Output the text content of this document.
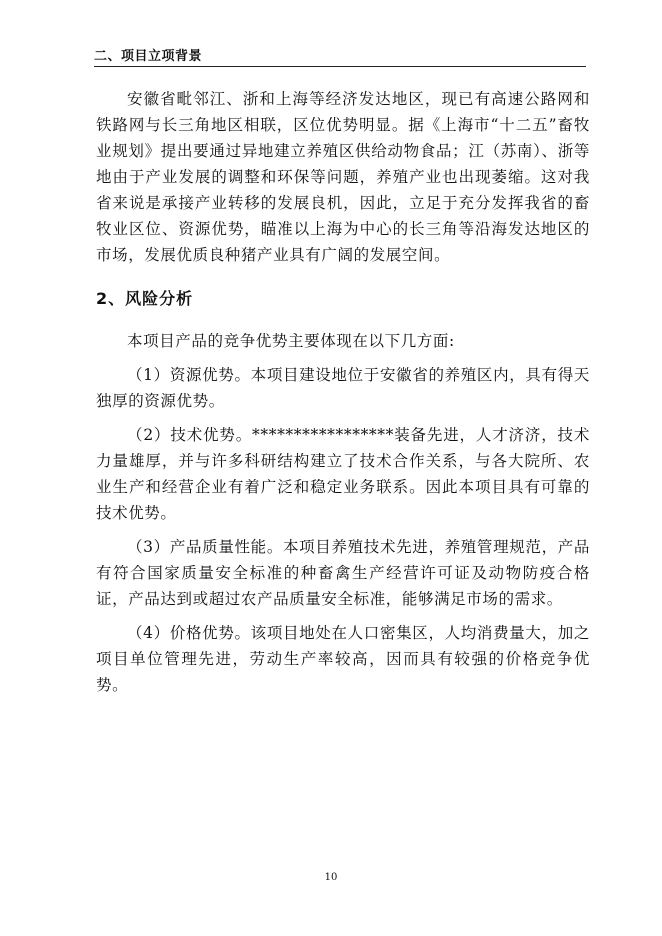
二、项目立项背景

安徽省毗邻江、浙和上海等经济发达地区，现已有高速公路网和铁路网与长三角地区相联，区位优势明显。据《上海市“十二五”畜牧业规划》提出要通过异地建立养殖区供给动物食品；江（苏南）、浙等地由于产业发展的调整和环保等问题，养殖产业也出现萎缩。这对我省来说是承接产业转移的发展良机，因此，立足于充分发挥我省的畜牧业区位、资源优势，瞄准以上海为中心的长三角等沿海发达地区的市场，发展优质良种猪产业具有广阔的发展空间。

2、风险分析

本项目产品的竞争优势主要体现在以下几方面:

（1）资源优势。本项目建设地位于安徽省的养殖区内，具有得天独厚的资源优势。

（2）技术优势。*****************装备先进，人才济济，技术力量雄厚，并与许多科研结构建立了技术合作关系，与各大院所、农业生产和经营企业有着广泛和稳定业务联系。因此本项目具有可靠的技术优势。

（3）产品质量性能。本项目养殖技术先进，养殖管理规范，产品有符合国家质量安全标准的种畜禽生产经营许可证及动物防疫合格证，产品达到或超过农产品质量安全标准，能够满足市场的需求。

（4）价格优势。该项目地处在人口密集区，人均消费量大，加之项目单位管理先进，劳动生产率较高，因而具有较强的价格竞争优势。

10
